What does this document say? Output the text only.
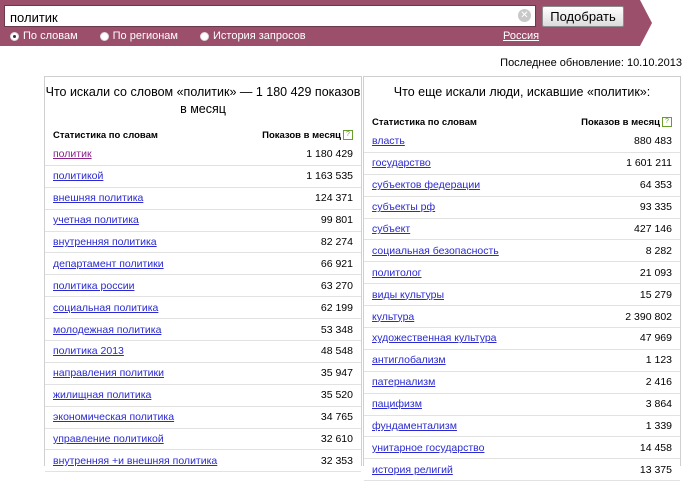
политик
✕	Подобрать
По словам	По регионам	История запросов	Россия
Последнее обновление: 10.10.2013
Что искали со словом «политик» — 1 180 429 показов в месяц
Статистика по словам	Показов в месяц ?
политик	1 180 429
политикой	1 163 535
внешняя политика	124 371
учетная политика	99 801
внутренняя политика	82 274
департамент политики	66 921
политика россии	63 270
социальная политика	62 199
молодежная политика	53 348
политика 2013	48 548
направления политики	35 947
жилищная политика	35 520
экономическая политика	34 765
управление политикой	32 610
внутренняя +и внешняя политика	32 353
Что еще искали люди, искавшие «политик»:
Статистика по словам	Показов в месяц ?
власть	880 483
государство	1 601 211
субъектов федерации	64 353
субъекты рф	93 335
субъект	427 146
социальная безопасность	8 282
политолог	21 093
виды культуры	15 279
культура	2 390 802
художественная культура	47 969
антиглобализм	1 123
патернализм	2 416
пацифизм	3 864
фундаментализм	1 339
унитарное государство	14 458
история религий	13 375
